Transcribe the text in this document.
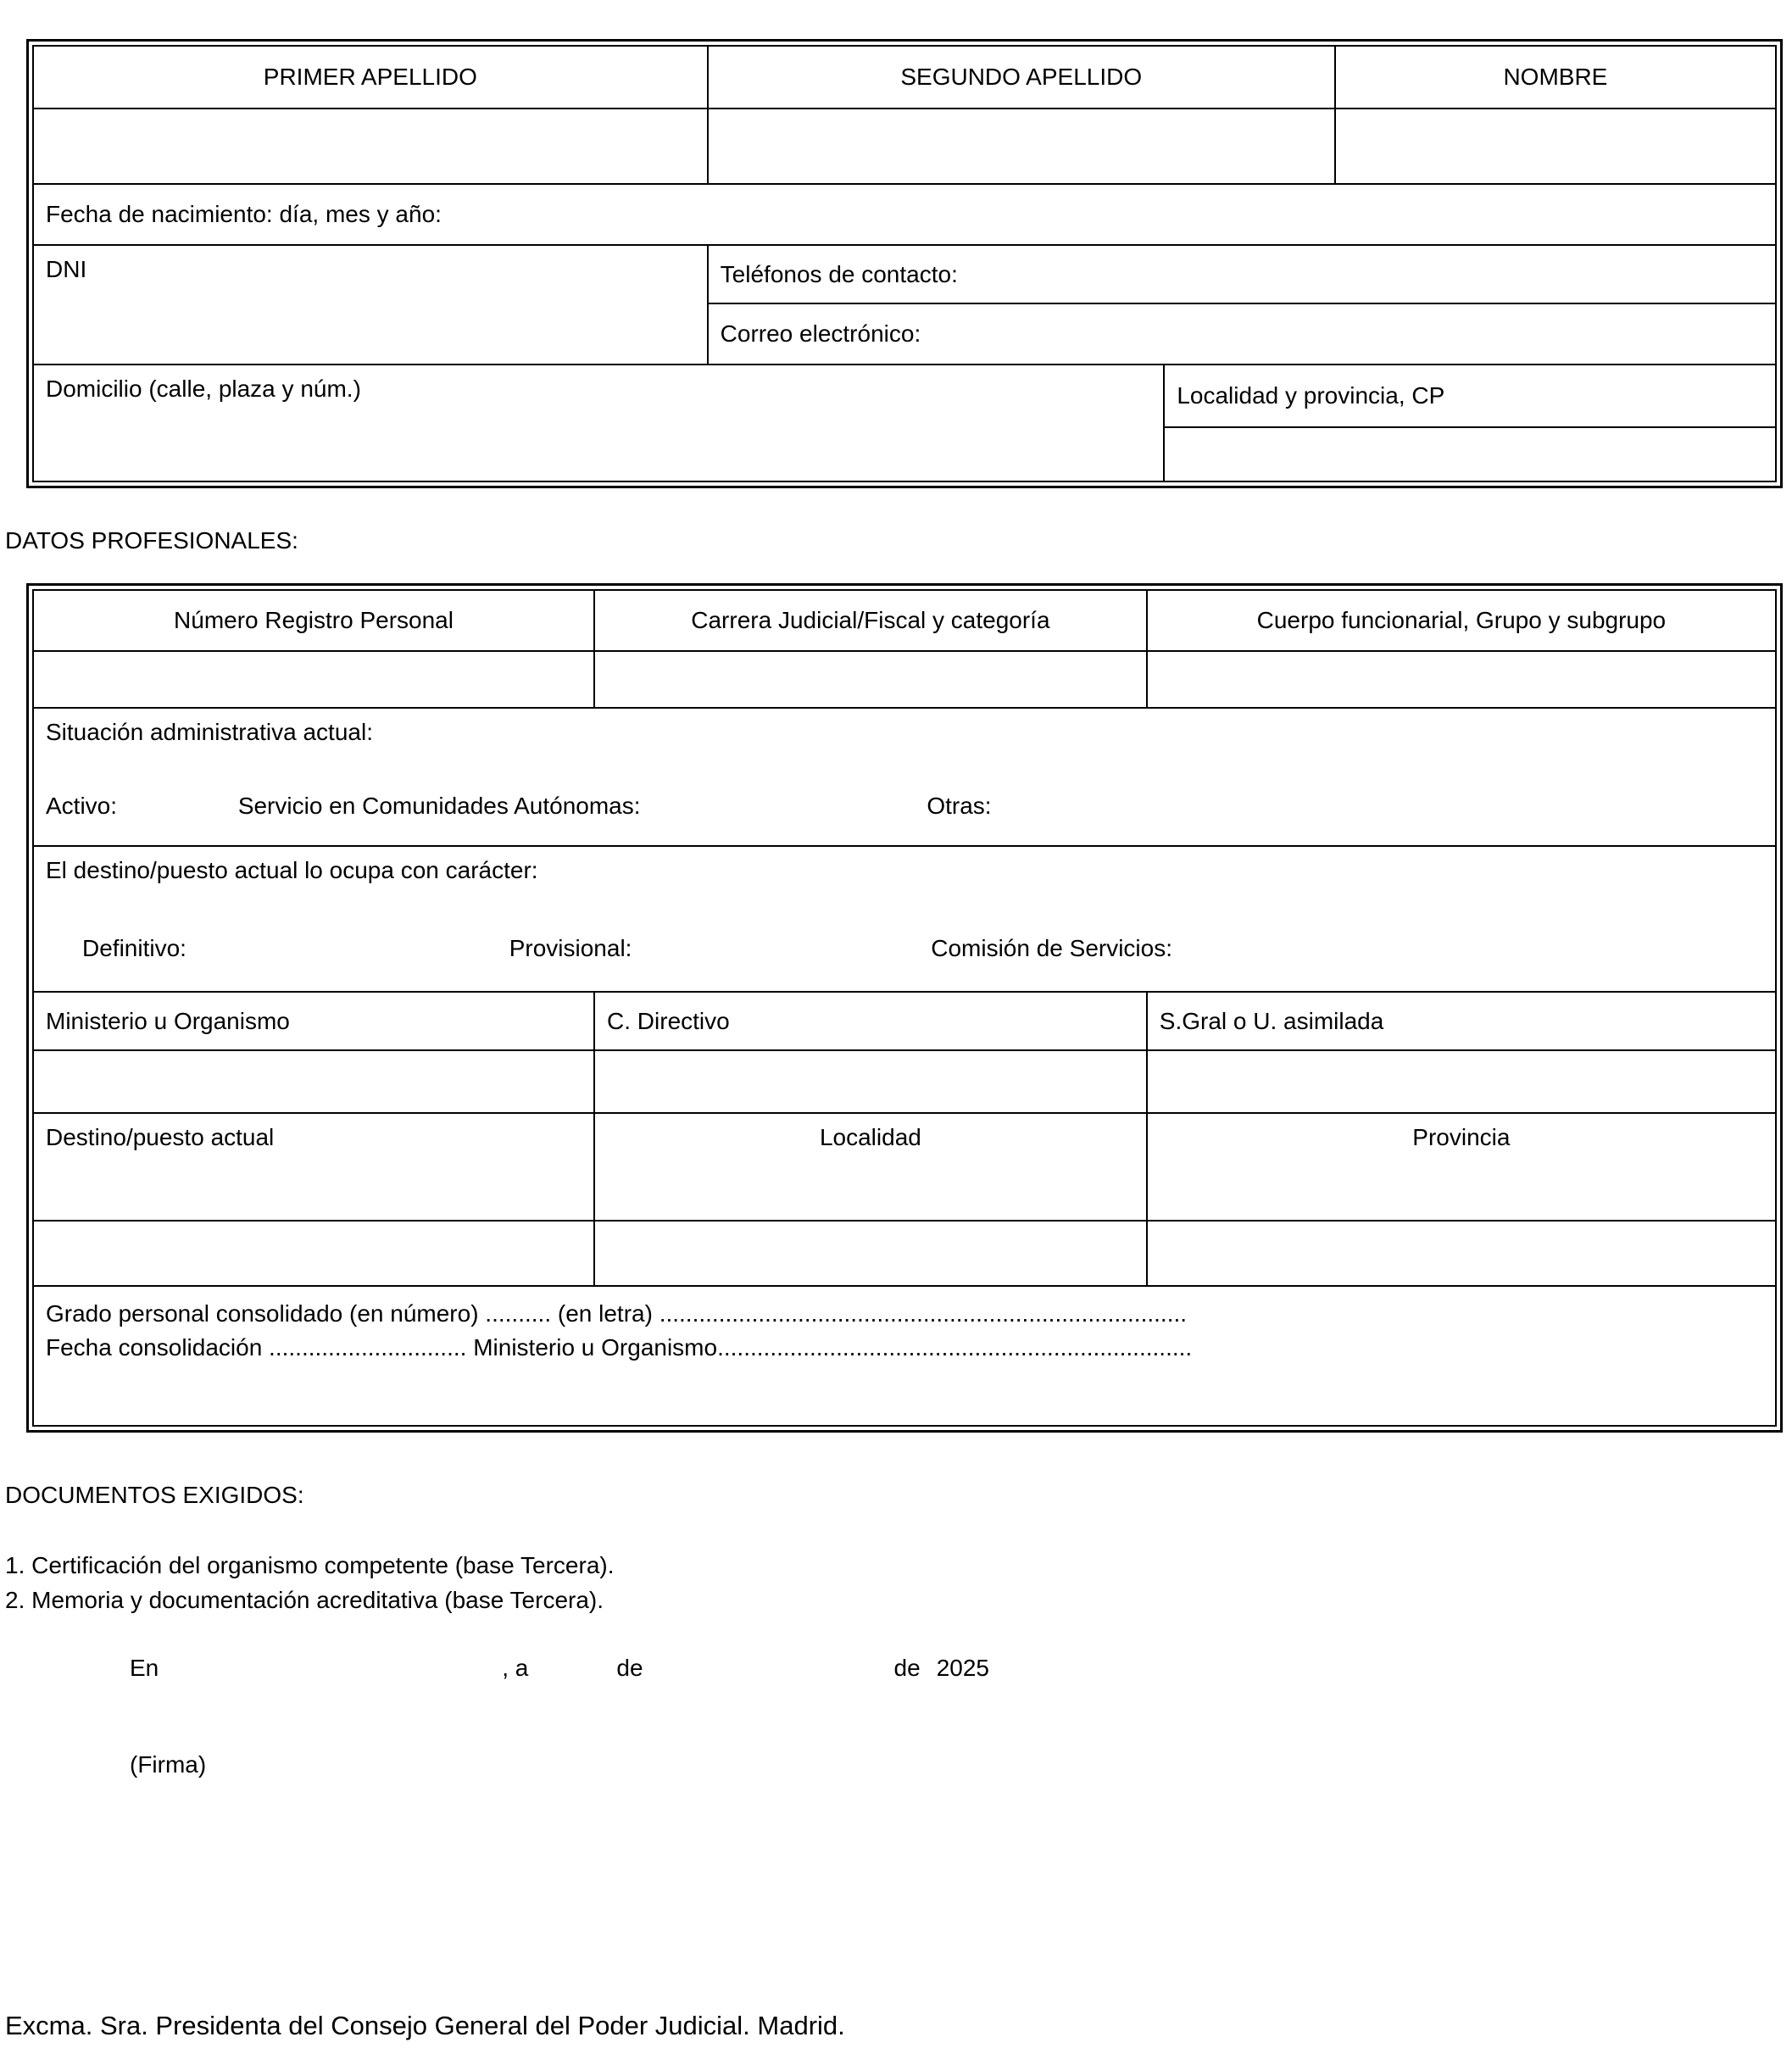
PRIMER APELLIDO	SEGUNDO APELLIDO		NOMBRE

Fecha de nacimiento: día, mes y año:			
DNI	Teléfonos de contacto:		
	Correo electrónico:		
Domicilio (calle, plaza y núm.)		Localidad y provincia, CP	

DATOS PROFESIONALES:
Número Registro Personal	Carrera Judicial/Fiscal y categoría	Cuerpo funcionarial, Grupo y subgrupo

Situación administrativa actual:
Activo: Servicio en Comunidades Autónomas: Otras:		

El destino/puesto actual lo ocupa con carácter:
Definitivo: Provisional: Comisión de Servicios:		

Ministerio u Organismo	C. Directivo	S.Gral o U. asimilada

Destino/puesto actual	Localidad	Provincia

Grado personal consolidado (en número) .......... (en letra) ................................................................................
Fecha consolidación .............................. Ministerio u Organismo........................................................................		
DOCUMENTOS EXIGIDOS:
1. Certificación del organismo competente (base Tercera).
2. Memoria y documentación acreditativa (base Tercera).
En	, a	de	de 2025
(Firma)
Excma. Sra. Presidenta del Consejo General del Poder Judicial. Madrid.
